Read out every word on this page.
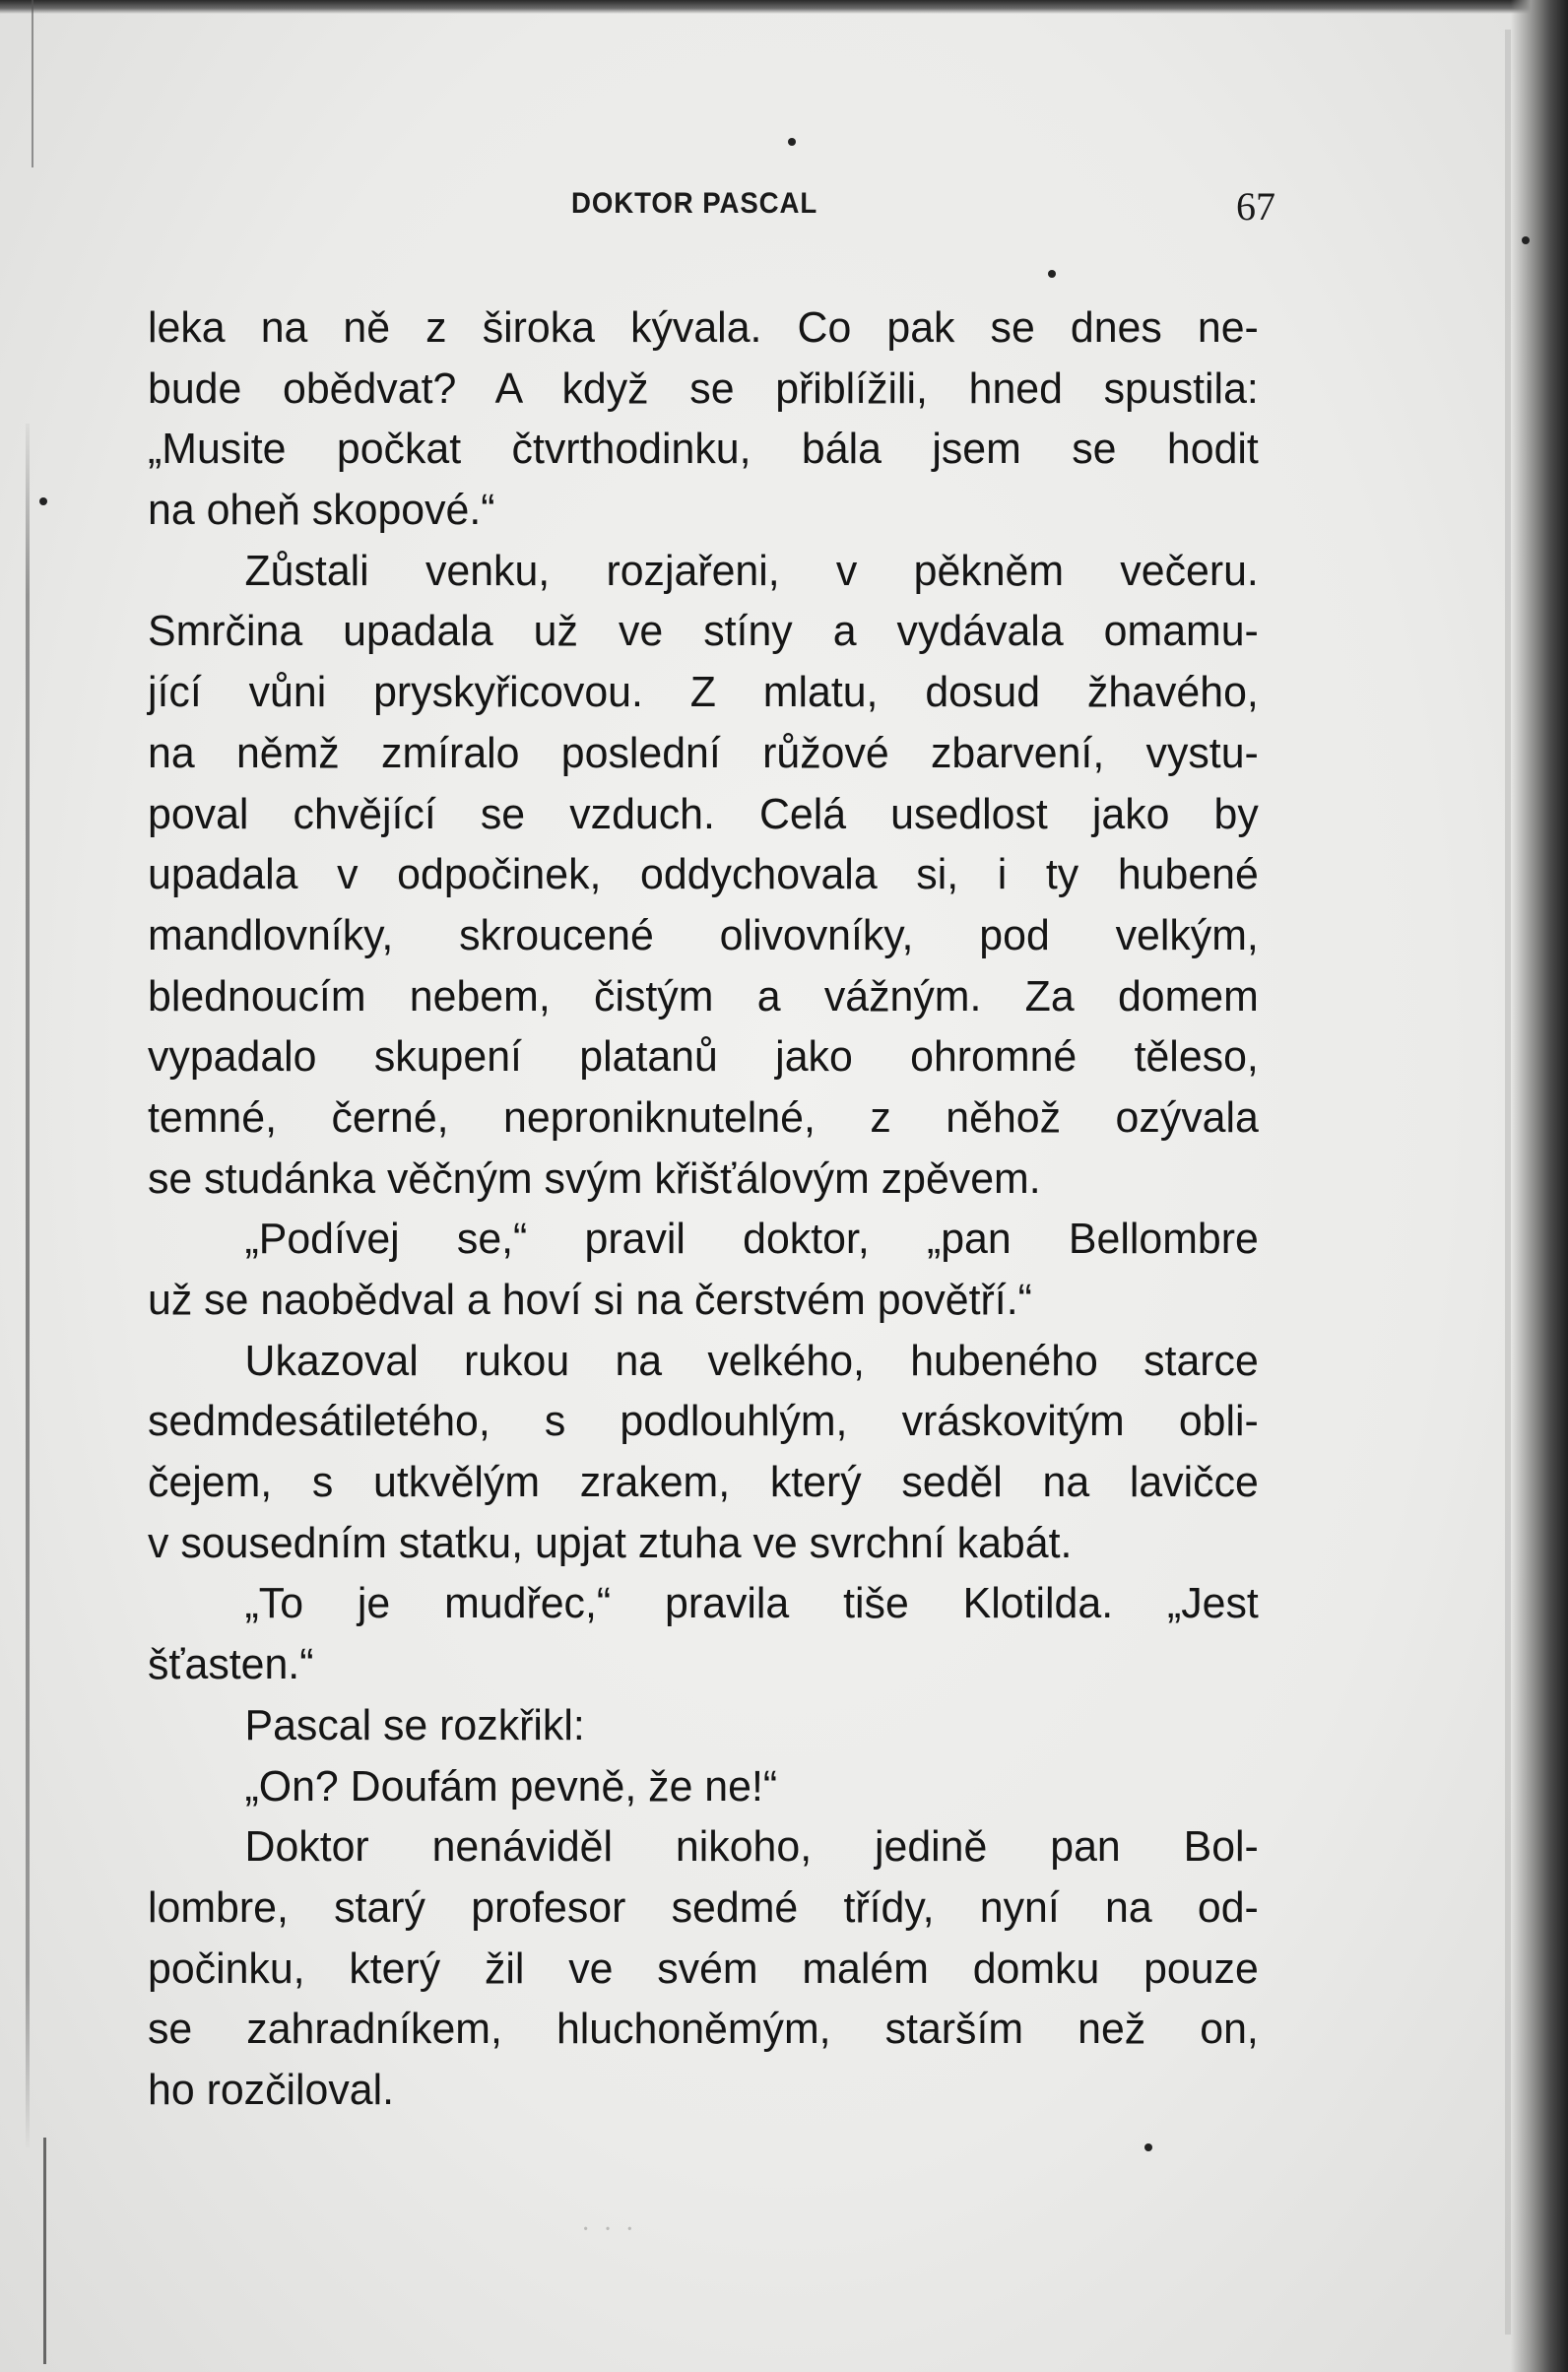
DOKTOR PASCAL	67
leka na ně z široka kývala. Co pak se dnes ne-
bude obědvat? A když se přiblížili, hned spustila:
„Musite počkat čtvrthodinku, bála jsem se hodit
na oheň skopové.“
Zůstali venku, rozjařeni, v pěkněm večeru.
Smrčina upadala už ve stíny a vydávala omamu-
jící vůni pryskyřicovou. Z mlatu, dosud žhavého,
na němž zmíralo poslední růžové zbarvení, vystu-
poval chvějící se vzduch. Celá usedlost jako by
upadala v odpočinek, oddychovala si, i ty hubené
mandlovníky, skroucené olivovníky, pod velkým,
blednoucím nebem, čistým a vážným. Za domem
vypadalo skupení platanů jako ohromné těleso,
temné, černé, neproniknutelné, z něhož ozývala
se studánka věčným svým křišťálovým zpěvem.
„Podívej se,“ pravil doktor, „pan Bellombre
už se naobědval a hoví si na čerstvém povětří.“
Ukazoval rukou na velkého, hubeného starce
sedmdesátiletého, s podlouhlým, vráskovitým obli-
čejem, s utkvělým zrakem, který seděl na lavičce
v sousedním statku, upjat ztuha ve svrchní kabát.
„To je mudřec,“ pravila tiše Klotilda. „Jest
šťasten.“
Pascal se rozkřikl:
„On? Doufám pevně, že ne!“
Doktor nenáviděl nikoho, jedině pan Bol-
lombre, starý profesor sedmé třídy, nyní na od-
počinku, který žil ve svém malém domku pouze
se zahradníkem, hluchoněmým, starším než on,
ho rozčiloval.
· · ·
